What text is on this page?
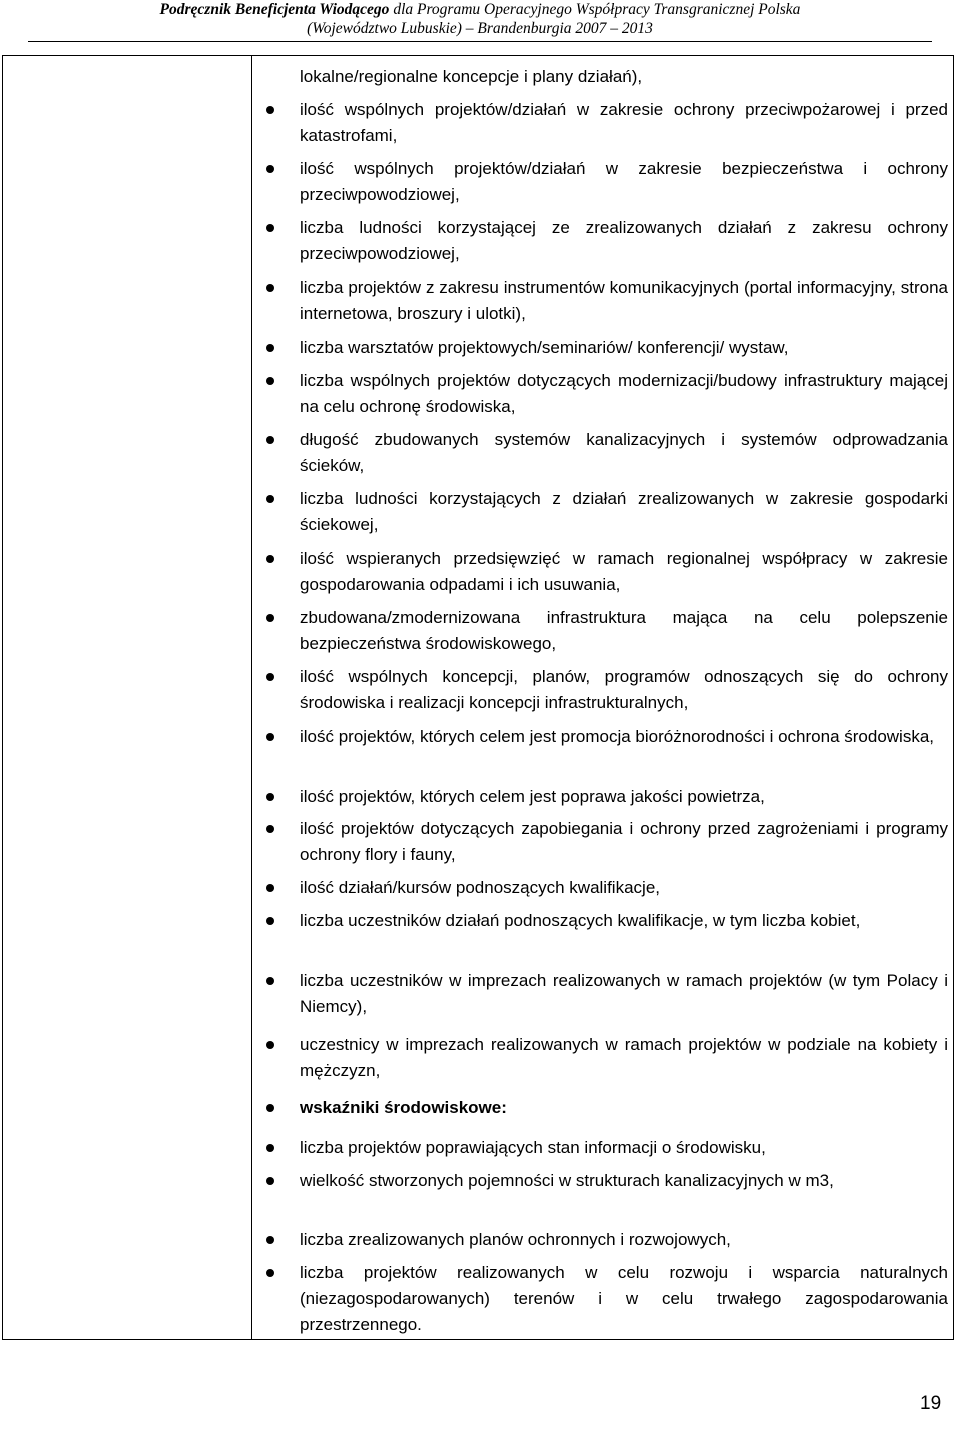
Podręcznik Beneficjenta Wiodącego dla Programu Operacyjnego Współpracy Transgranicznej Polska
(Województwo Lubuskie) – Brandenburgia 2007 – 2013
lokalne/regionalne koncepcje i plany działań),
ilość wspólnych projektów/działań w zakresie ochrony przeciwpożarowej i przed katastrofami,
ilość wspólnych projektów/działań w zakresie bezpieczeństwa i ochrony przeciwpowodziowej,
liczba ludności korzystającej ze zrealizowanych działań z zakresu ochrony przeciwpowodziowej,
liczba projektów z zakresu instrumentów komunikacyjnych (portal informacyjny, strona internetowa, broszury i ulotki),
liczba warsztatów projektowych/seminariów/ konferencji/ wystaw,
liczba wspólnych projektów dotyczących modernizacji/budowy infrastruktury mającej na celu ochronę środowiska,
długość zbudowanych systemów kanalizacyjnych i systemów odprowadzania ścieków,
liczba ludności korzystających z działań zrealizowanych w zakresie gospodarki ściekowej,
ilość wspieranych przedsięwzięć w ramach regionalnej współpracy w zakresie gospodarowania odpadami i ich usuwania,
zbudowana/zmodernizowana infrastruktura mająca na celu polepszenie bezpieczeństwa środowiskowego,
ilość wspólnych koncepcji, planów, programów odnoszących się do ochrony środowiska i realizacji koncepcji infrastrukturalnych,
ilość projektów, których celem jest promocja bioróżnorodności i ochrona środowiska,
ilość projektów, których celem jest poprawa jakości powietrza,
ilość projektów dotyczących zapobiegania i ochrony przed zagrożeniami i programy ochrony flory i fauny,
ilość działań/kursów podnoszących kwalifikacje,
liczba uczestników działań podnoszących kwalifikacje, w tym liczba kobiet,
liczba uczestników w imprezach realizowanych w ramach projektów (w tym Polacy i Niemcy),
uczestnicy w imprezach realizowanych w ramach projektów w podziale na kobiety i mężczyzn,
wskaźniki środowiskowe:
liczba projektów poprawiających stan informacji o środowisku,
wielkość stworzonych pojemności w strukturach kanalizacyjnych w m3,
liczba zrealizowanych planów ochronnych i rozwojowych,
liczba projektów realizowanych w celu rozwoju i wsparcia naturalnych (niezagospodarowanych) terenów i w celu trwałego zagospodarowania przestrzennego.
19
